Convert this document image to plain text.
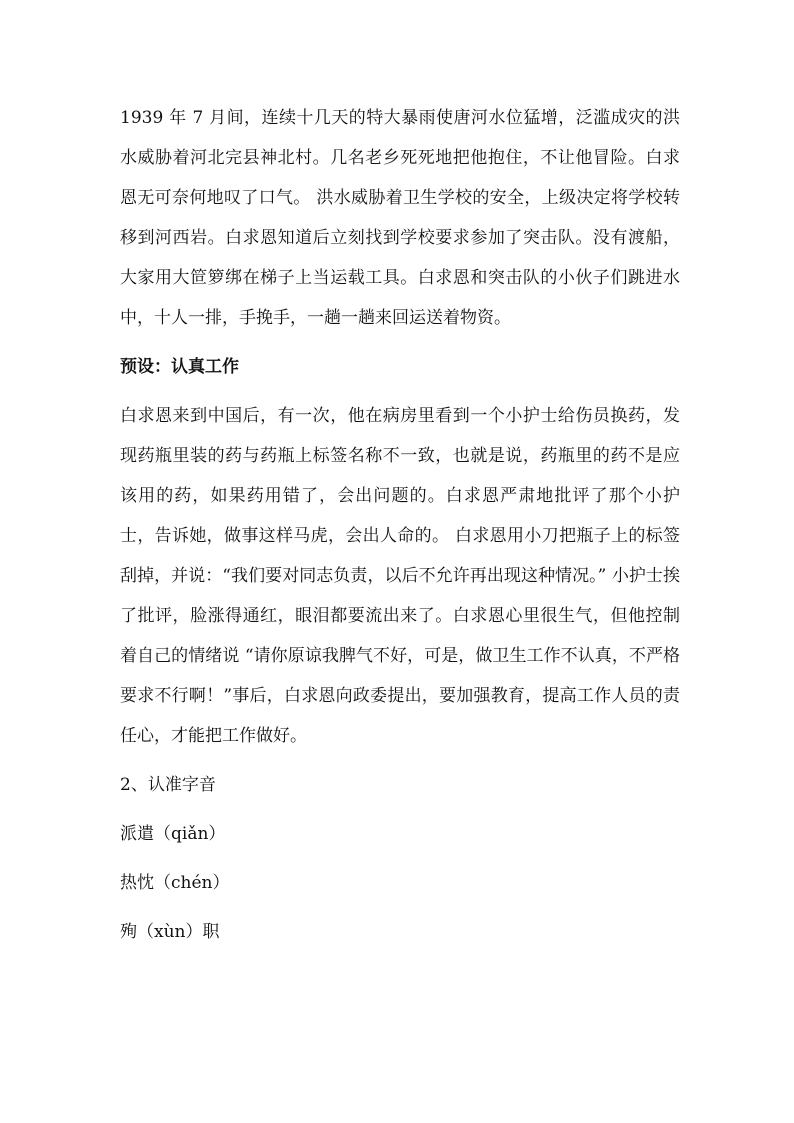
1939 年 7 月间，连续十几天的特大暴雨使唐河水位猛增，泛滥成灾的洪水威胁着河北完县神北村。几名老乡死死地把他抱住，不让他冒险。白求恩无可奈何地叹了口气。 洪水威胁着卫生学校的安全，上级决定将学校转移到河西岩。白求恩知道后立刻找到学校要求参加了突击队。没有渡船，大家用大笸箩绑在梯子上当运载工具。白求恩和突击队的小伙子们跳进水中，十人一排，手挽手，一趟一趟来回运送着物资。

预设：认真工作

白求恩来到中国后，有一次，他在病房里看到一个小护士给伤员换药，发现药瓶里装的药与药瓶上标签名称不一致，也就是说，药瓶里的药不是应该用的药，如果药用错了，会出问题的。白求恩严肃地批评了那个小护士，告诉她，做事这样马虎，会出人命的。 白求恩用小刀把瓶子上的标签刮掉，并说：“我们要对同志负责，以后不允许再出现这种情况。” 小护士挨了批评，脸涨得通红，眼泪都要流出来了。白求恩心里很生气，但他控制着自己的情绪说 “请你原谅我脾气不好，可是，做卫生工作不认真，不严格要求不行啊！”事后，白求恩向政委提出，要加强教育，提高工作人员的责任心，才能把工作做好。

2、认准字音

派遣（qiǎn）

热忱（chén）

殉（xùn）职
